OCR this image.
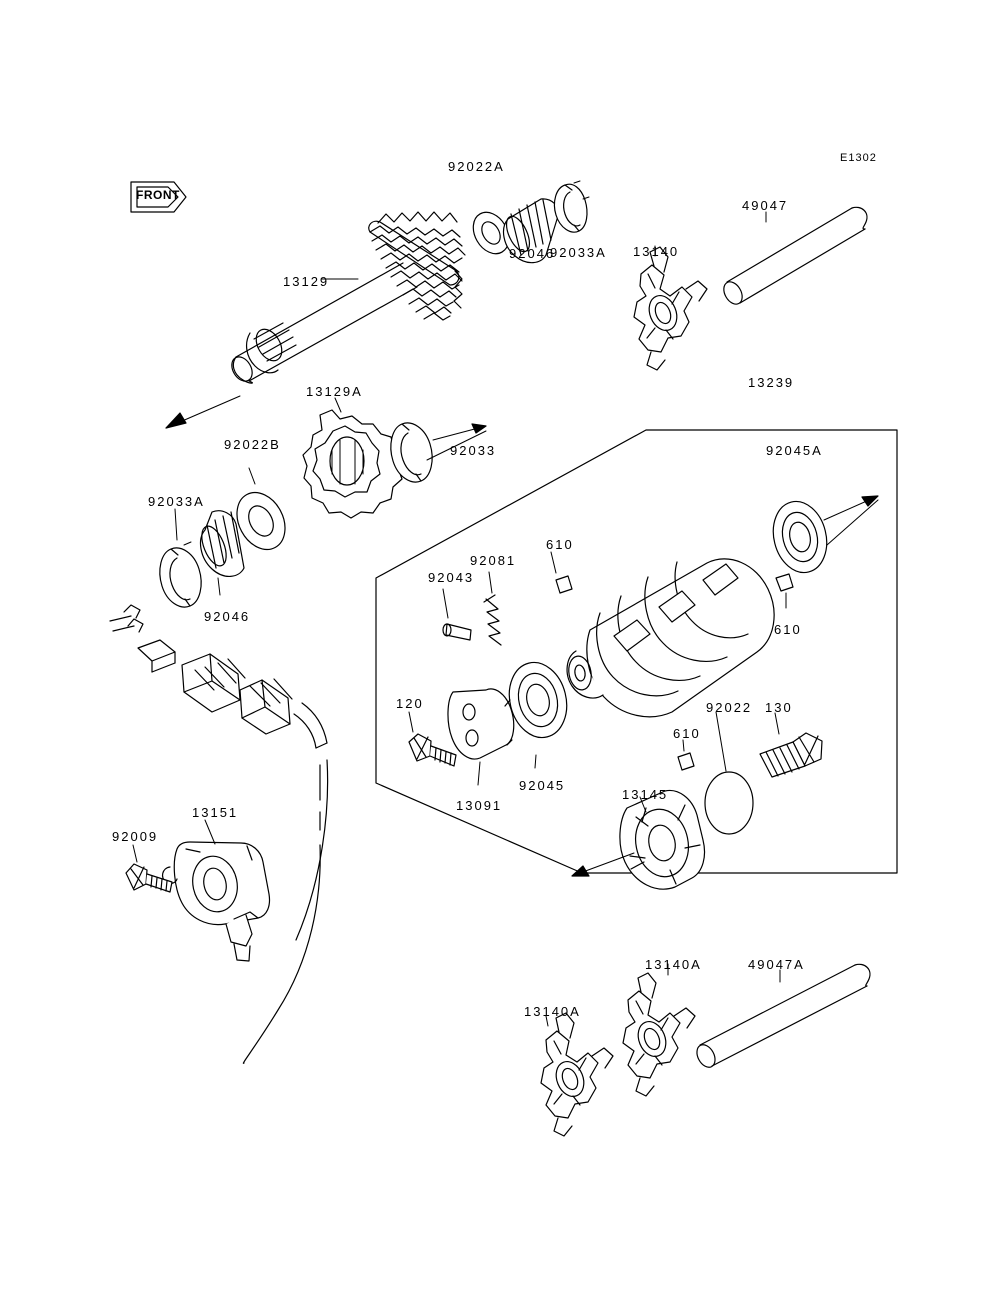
FRONT
E1302
92022A
92033A
92046	13140
49047
13129
13129A
92033
13239
92045A
92022B
92033A
92046
92081
610
92043
610
120
92045
13091
92022 130
610
13145
13151
92009
13140A	49047A
13140A
